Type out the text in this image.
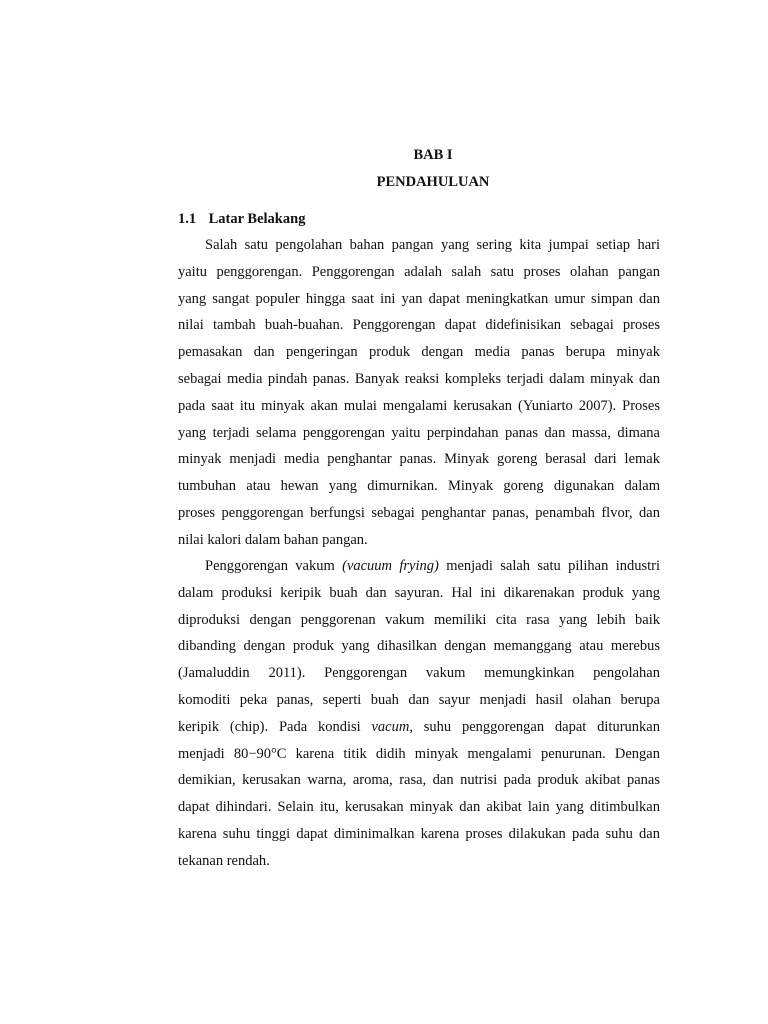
BAB I
PENDAHULUAN
1.1 Latar Belakang
Salah satu pengolahan bahan pangan yang sering kita jumpai setiap hari
yaitu penggorengan. Penggorengan adalah salah satu proses olahan pangan
yang sangat populer hingga saat ini yan dapat meningkatkan umur simpan dan
nilai tambah buah-buahan. Penggorengan dapat didefinisikan sebagai proses
pemasakan dan pengeringan produk dengan media panas berupa minyak
sebagai media pindah panas. Banyak reaksi kompleks terjadi dalam minyak dan
pada saat itu minyak akan mulai mengalami kerusakan (Yuniarto 2007). Proses
yang terjadi selama penggorengan yaitu perpindahan panas dan massa, dimana
minyak menjadi media penghantar panas. Minyak goreng berasal dari lemak
tumbuhan atau hewan yang dimurnikan. Minyak goreng digunakan dalam
proses penggorengan berfungsi sebagai penghantar panas, penambah flvor, dan
nilai kalori dalam bahan pangan.
Penggorengan vakum (vacuum frying) menjadi salah satu pilihan industri
dalam produksi keripik buah dan sayuran. Hal ini dikarenakan produk yang
diproduksi dengan penggorenan vakum memiliki cita rasa yang lebih baik
dibanding dengan produk yang dihasilkan dengan memanggang atau merebus
(Jamaluddin 2011). Penggorengan vakum memungkinkan pengolahan
komoditi peka panas, seperti buah dan sayur menjadi hasil olahan berupa
keripik (chip). Pada kondisi vacum, suhu penggorengan dapat diturunkan
menjadi 80−90°C karena titik didih minyak mengalami penurunan. Dengan
demikian, kerusakan warna, aroma, rasa, dan nutrisi pada produk akibat panas
dapat dihindari. Selain itu, kerusakan minyak dan akibat lain yang ditimbulkan
karena suhu tinggi dapat diminimalkan karena proses dilakukan pada suhu dan
tekanan rendah.
